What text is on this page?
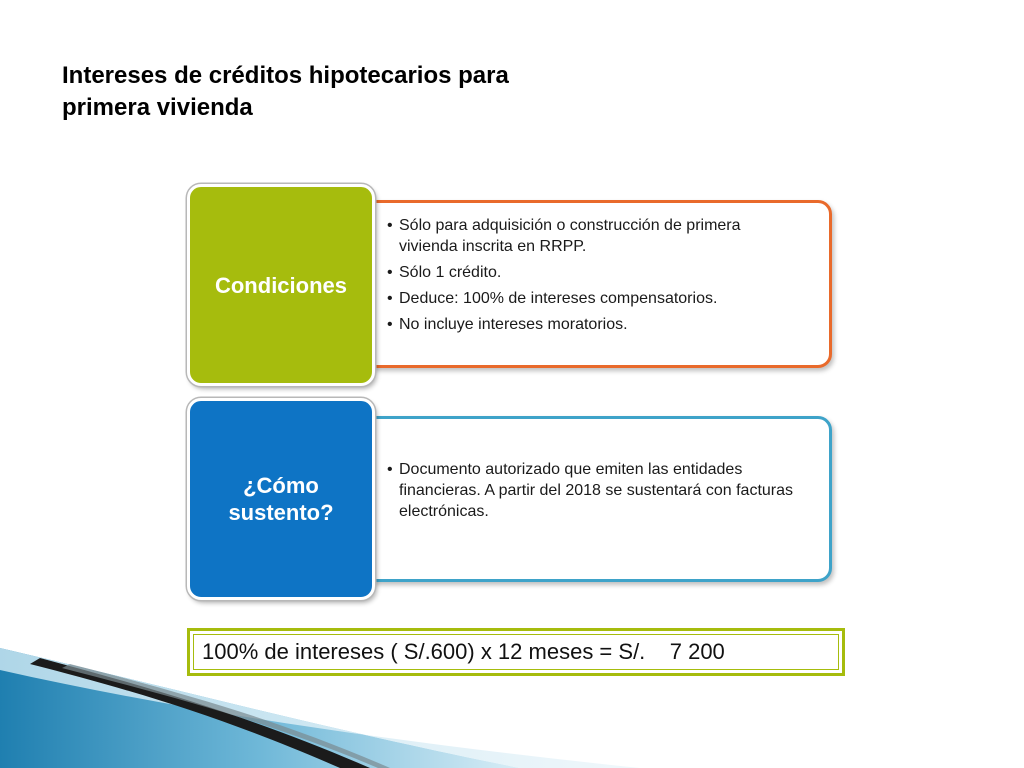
Intereses de créditos hipotecarios para
primera vivienda
• Sólo para adquisición o construcción de primera vivienda inscrita en RRPP.
• Sólo 1 crédito.
• Deduce: 100% de intereses compensatorios.
• No incluye intereses moratorios.
Condiciones
• Documento autorizado que emiten las entidades financieras. A partir del 2018 se sustentará con facturas electrónicas.
¿Cómo
sustento?
100% de intereses ( S/.600) x 12 meses = S/.    7 200
